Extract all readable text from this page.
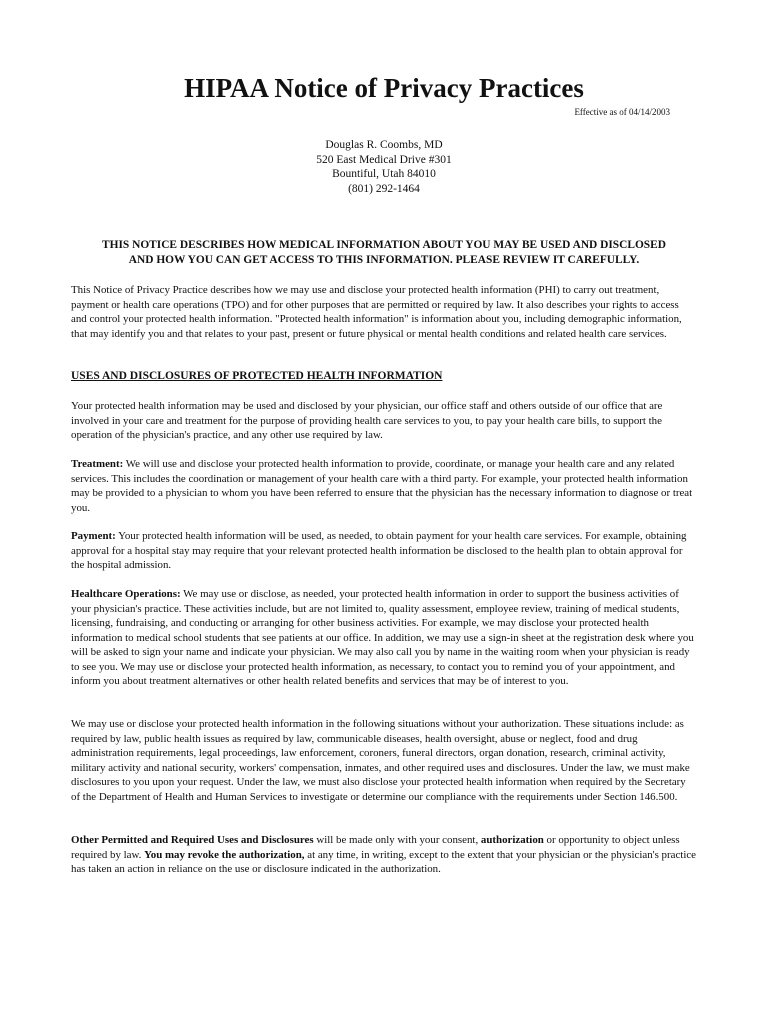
HIPAA Notice of Privacy Practices
Effective as of 04/14/2003
Douglas R. Coombs, MD
520 East Medical Drive #301
Bountiful, Utah 84010
(801) 292-1464
THIS NOTICE DESCRIBES HOW MEDICAL INFORMATION ABOUT YOU MAY BE USED AND DISCLOSED
AND HOW YOU CAN GET ACCESS TO THIS INFORMATION. PLEASE REVIEW IT CAREFULLY.

This Notice of Privacy Practice describes how we may use and disclose your protected health information (PHI) to carry out treatment, payment or health care operations (TPO) and for other purposes that are permitted or required by law. It also describes your rights to access and control your protected health information. "Protected health information" is information about you, including demographic information, that may identify you and that relates to your past, present or future physical or mental health conditions and related health care services.

USES AND DISCLOSURES OF PROTECTED HEALTH INFORMATION

Your protected health information may be used and disclosed by your physician, our office staff and others outside of our office that are involved in your care and treatment for the purpose of providing health care services to you, to pay your health care bills, to support the operation of the physician's practice, and any other use required by law.

Treatment: We will use and disclose your protected health information to provide, coordinate, or manage your health care and any related services. This includes the coordination or management of your health care with a third party. For example, your protected health information may be provided to a physician to whom you have been referred to ensure that the physician has the necessary information to diagnose or treat you.

Payment: Your protected health information will be used, as needed, to obtain payment for your health care services. For example, obtaining approval for a hospital stay may require that your relevant protected health information be disclosed to the health plan to obtain approval for the hospital admission.

Healthcare Operations: We may use or disclose, as needed, your protected health information in order to support the business activities of your physician's practice. These activities include, but are not limited to, quality assessment, employee review, training of medical students, licensing, fundraising, and conducting or arranging for other business activities. For example, we may disclose your protected health information to medical school students that see patients at our office. In addition, we may use a sign-in sheet at the registration desk where you will be asked to sign your name and indicate your physician. We may also call you by name in the waiting room when your physician is ready to see you. We may use or disclose your protected health information, as necessary, to contact you to remind you of your appointment, and inform you about treatment alternatives or other health related benefits and services that may be of interest to you.

We may use or disclose your protected health information in the following situations without your authorization. These situations include: as required by law, public health issues as required by law, communicable diseases, health oversight, abuse or neglect, food and drug administration requirements, legal proceedings, law enforcement, coroners, funeral directors, organ donation, research, criminal activity, military activity and national security, workers' compensation, inmates, and other required uses and disclosures. Under the law, we must make disclosures to you upon your request. Under the law, we must also disclose your protected health information when required by the Secretary of the Department of Health and Human Services to investigate or determine our compliance with the requirements under Section 146.500.

Other Permitted and Required Uses and Disclosures will be made only with your consent, authorization or opportunity to object unless required by law. You may revoke the authorization, at any time, in writing, except to the extent that your physician or the physician's practice has taken an action in reliance on the use or disclosure indicated in the authorization.
